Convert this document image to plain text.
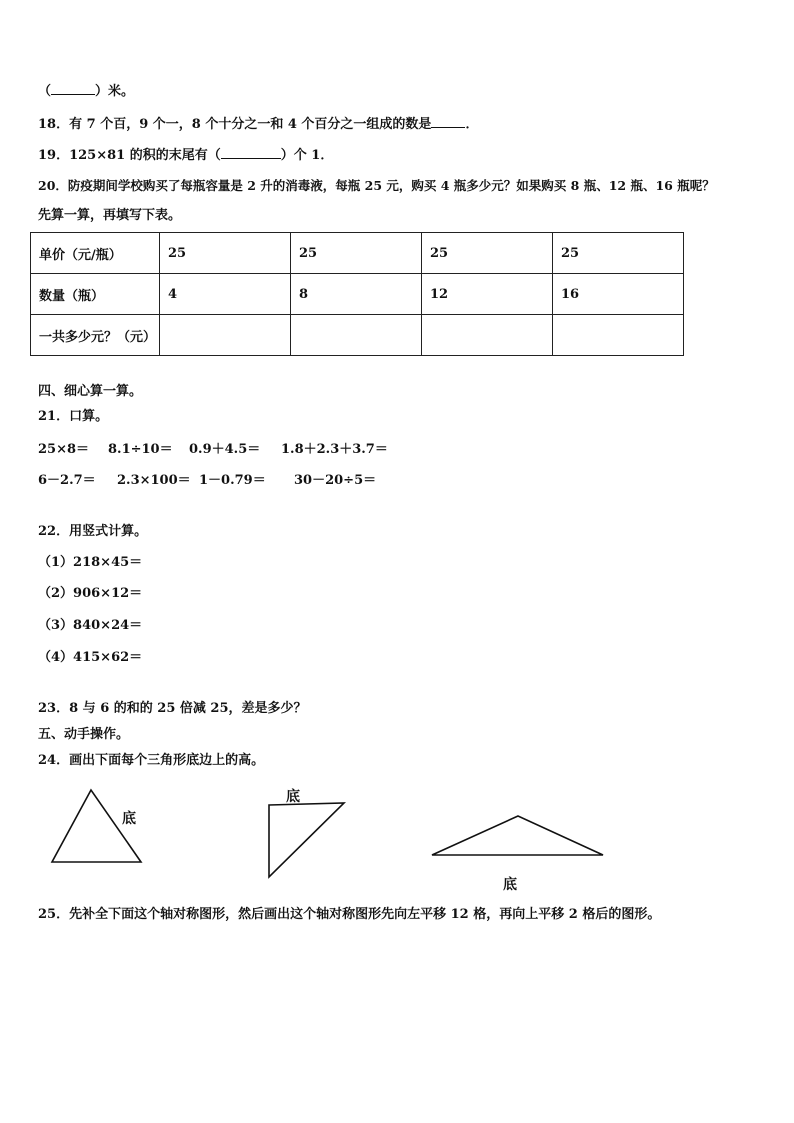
（	）米。
18．有 7 个百，9 个一，8 个十分之一和 4 个百分之一组成的数是	．
19．125×81 的积的末尾有（	）个 1．
20．防疫期间学校购买了每瓶容量是 2 升的消毒液，每瓶 25 元，购买 4 瓶多少元？如果购买 8 瓶、12 瓶、16 瓶呢？
先算一算，再填写下表。
单价（元/瓶）	25	25	25	25
数量（瓶）	4	8	12	16
一共多少元？（元）				
四、细心算一算。
21．口算。
25×8＝ 8.1÷10＝ 0.9＋4.5＝ 1.8＋2.3＋3.7＝
6－2.7＝ 2.3×100＝ 1－0.79＝ 30－20÷5＝
22．用竖式计算。
（1）218×45＝
（2）906×12＝
（3）840×24＝
（4）415×62＝
23．8 与 6 的和的 25 倍减 25，差是多少？
五、动手操作。
24．画出下面每个三角形底边上的高。
底
底
底
25．先补全下面这个轴对称图形，然后画出这个轴对称图形先向左平移 12 格，再向上平移 2 格后的图形。
